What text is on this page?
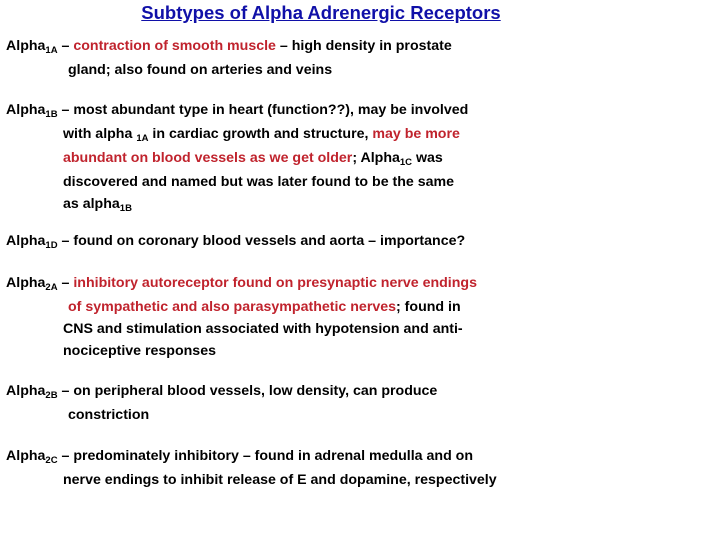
Subtypes of Alpha Adrenergic Receptors
Alpha$_{1A}$ – contraction of smooth muscle – high density in prostate
gland; also found on arteries and veins
Alpha$_{1B}$ – most abundant type in heart (function??), may be involved
with alpha $_{1A}$ in cardiac growth and structure, may be more
abundant on blood vessels as we get older; Alpha$_{1C}$ was
discovered and named but was later found to be the same
as alpha$_{1B}$
Alpha$_{1D}$ – found on coronary blood vessels and aorta – importance?
Alpha$_{2A}$ – inhibitory autoreceptor found on presynaptic nerve endings
of sympathetic and also parasympathetic nerves; found in
CNS and stimulation associated with hypotension and anti-
nociceptive responses
Alpha$_{2B}$ – on peripheral blood vessels, low density, can produce
constriction
Alpha$_{2C}$ – predominately inhibitory – found in adrenal medulla and on
nerve endings to inhibit release of E and dopamine, respectively
